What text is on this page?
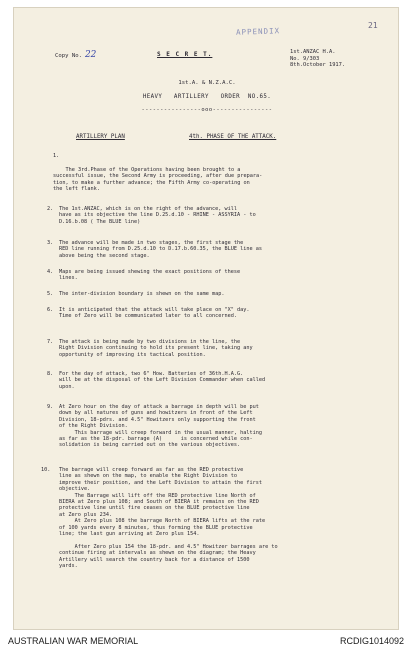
APPENDIX
21
Copy No. 22	S E C R E T.	1st.ANZAC H.A.
No. 9/303
8th.October 1917.
1st.A. & N.Z.A.C.
HEAVY   ARTILLERY   ORDER  NO.65.
----------------ooo----------------
ARTILLERY PLAN	4th. PHASE OF THE ATTACK.
1.
The 3rd.Phase of the Operations having been brought to a
successful issue, the Second Army is proceeding, after due prepara-
tion, to make a further advance; the Fifth Army co-operating on
the left flank.
2. The 1st.ANZAC, which is on the right of the advance, will
have as its objective the line D.25.d.10 - RHINE - ASSYRIA - to
D.16.b.08 ( The BLUE line)
3. The advance will be made in two stages, the first stage the
RED line running from D.25.d.10 to D.17.b.60.35, the BLUE line as
above being the second stage.
4. Maps are being issued shewing the exact positions of these
lines.
5. The inter-division boundary is shewn on the same map.
6. It is anticipated that the attack will take place on "X" day.
Time of Zero will be communicated later to all concerned.
7. The attack is being made by two divisions in the line, the
Right Division continuing to hold its present line, taking any
opportunity of improving its tactical position.
8. For the day of attack, two 6" How. Batteries of 36th.H.A.G.
will be at the disposal of the Left Division Commander when called
upon.
9. At Zero hour on the day of attack a barrage in depth will be put
down by all natures of guns and howitzers in front of the Left
Division, 18-pdrs. and 4.5" Howitzers only supporting the front
of the Right Division.
This barrage will creep forward in the usual manner, halting
as far as the 18-pdr. barrage (A)      is concerned while con-
solidation is being carried out on the various objectives.
10. The barrage will creep forward as far as the RED protective
line as shewn on the map, to enable the Right Division to
improve their position, and the Left Division to attain the first
objective.
The Barrage will lift off the RED protective line North of
BIERA at Zero plus 108; and South of BIERA it remains on the RED
protective line until fire ceases on the BLUE protective line
at Zero plus 234.
At Zero plus 108 the barrage North of BIERA lifts at the rate
of 100 yards every 8 minutes, thus forming the BLUE protective
line; the last gun arriving at Zero plus 154.

After Zero plus 154 the 18-pdr. and 4.5" Howitzer barrages are to
continue firing at intervals as shewn on the diagram; the Heavy
Artillery will search the country back for a distance of 1500
yards.
AUSTRALIAN WAR MEMORIAL	RCDIG1014092
